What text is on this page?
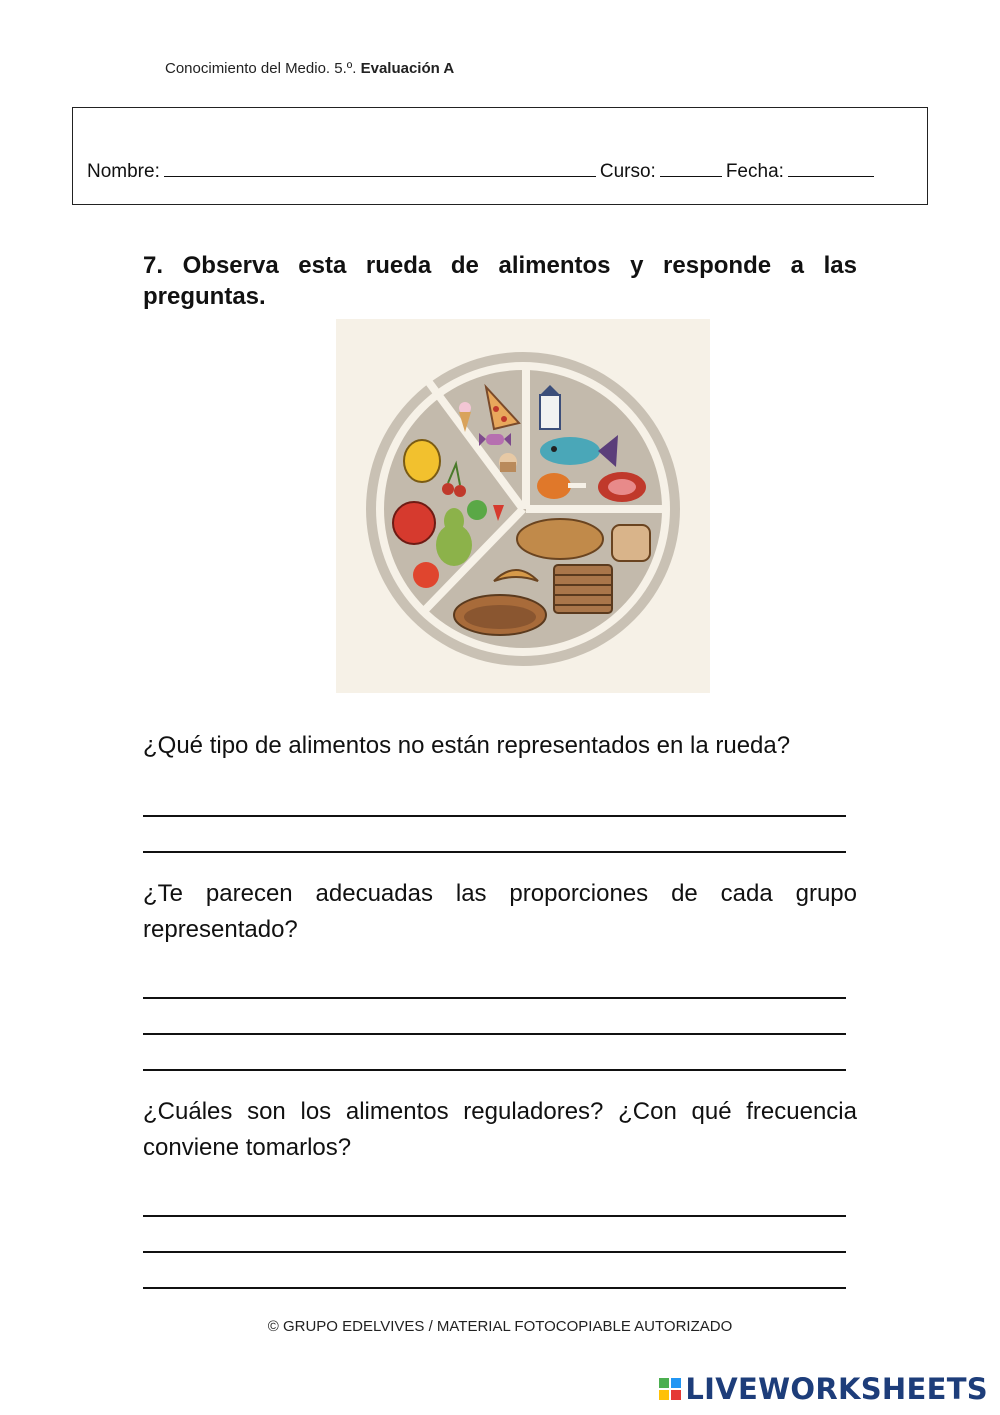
Conocimiento del Medio. 5.º. Evaluación A
Nombre:	Curso:	Fecha:
7. Observa esta rueda de alimentos y responde a las preguntas.
¿Qué tipo de alimentos no están representados en la rueda?
¿Te parecen adecuadas las proporciones de cada grupo representado?
¿Cuáles son los alimentos reguladores? ¿Con qué frecuencia conviene tomarlos?
© GRUPO EDELVIVES / MATERIAL FOTOCOPIABLE AUTORIZADO
LIVEWORKSHEETS
